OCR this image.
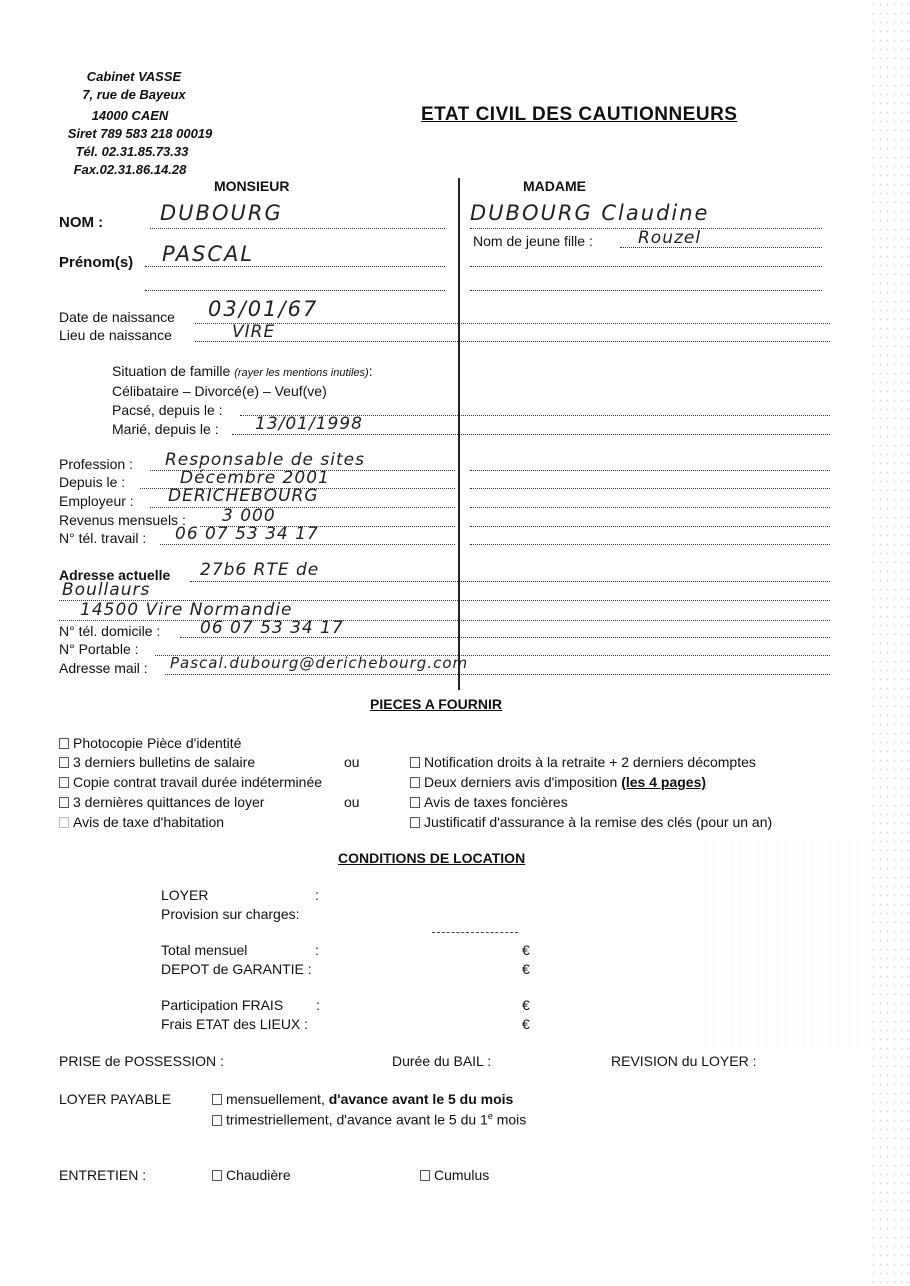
Cabinet VASSE
7, rue de Bayeux
14000 CAEN
Siret 789 583 218 00019
Tél. 02.31.85.73.33
Fax.02.31.86.14.28
ETAT CIVIL DES CAUTIONNEURS
MONSIEUR	MADAME
NOM :	DUBOURG	DUBOURG Claudine
Nom de jeune fille :	Rouzel
Prénom(s) PASCAL
Date de naissance 03/01/67
Lieu de naissance	VIRE
Situation de famille (rayer les mentions inutiles):
Célibataire – Divorcé(e) – Veuf(ve)
Pacsé, depuis le :
Marié, depuis le : 13/01/1998
Profession : Responsable de sites
Depuis le :	Décembre 2001
Employeur : DERICHEBOURG
Revenus mensuels : 3 000
N° tél. travail : 06 07 53 34 17
Adresse actuelle 27b6 RTE de
Boullaurs
14500 Vire Normandie
N° tél. domicile : 06 07 53 34 17
N° Portable :
Adresse mail : Pascal.dubourg@derichebourg.com
PIECES A FOURNIR
Photocopie Pièce d'identité
3 derniers bulletins de salaire	ou
Copie contrat travail durée indéterminée
3 dernières quittances de loyer	ou
Avis de taxe d'habitation
Notification droits à la retraite + 2 derniers décomptes
Deux derniers avis d'imposition (les 4 pages)
Avis de taxes foncières
Justificatif d'assurance à la remise des clés (pour un an)
CONDITIONS DE LOCATION
LOYER	:
Provision sur charges:
Total mensuel	:	€
DEPOT de GARANTIE :	€
Participation FRAIS :	€
Frais ETAT des LIEUX :	€
PRISE de POSSESSION :	Durée du BAIL :	REVISION du LOYER :
LOYER PAYABLE	mensuellement, d'avance avant le 5 du mois
trimestriellement, d'avance avant le 5 du 1e mois
ENTRETIEN :	Chaudière	Cumulus
